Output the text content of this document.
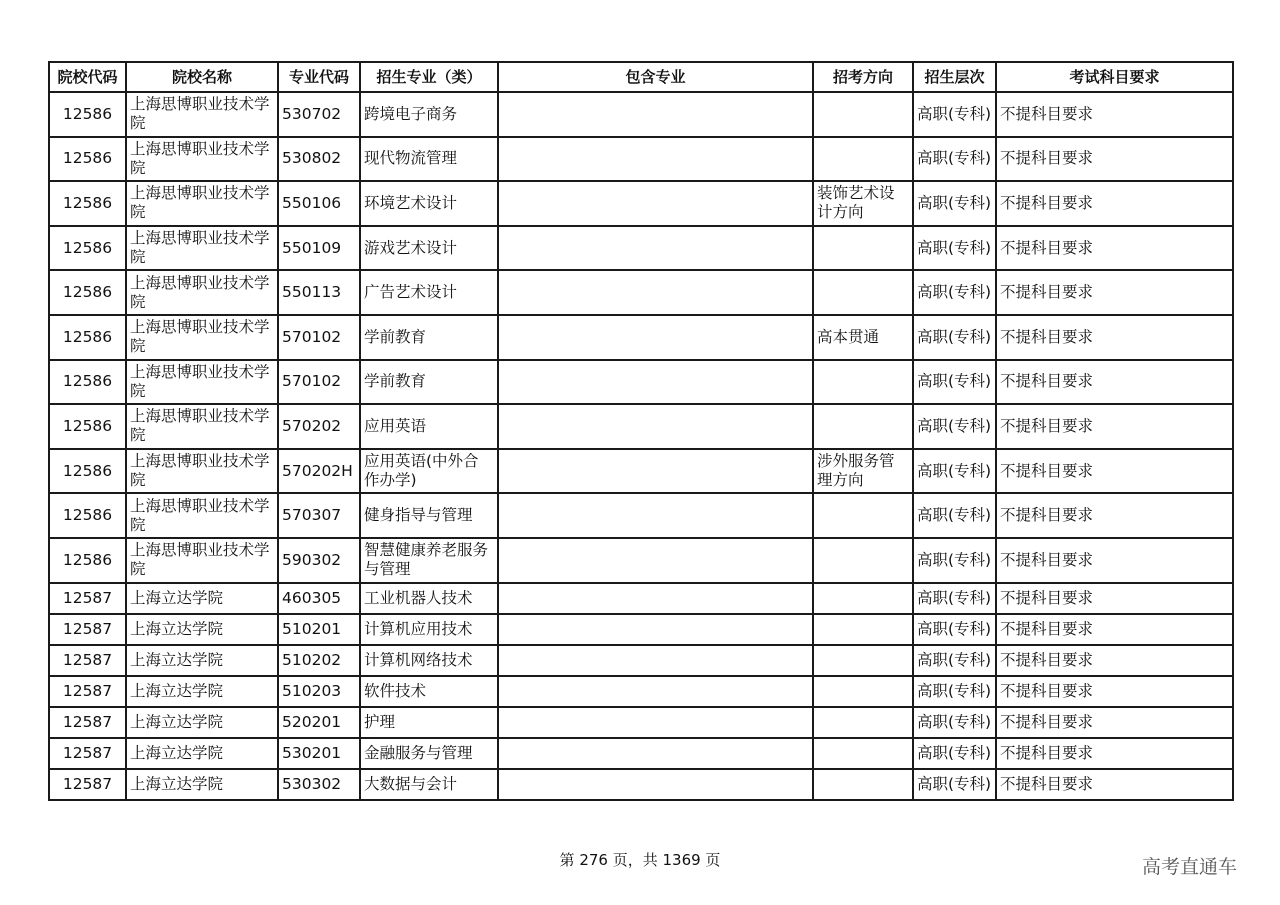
院校代码	院校名称	专业代码	招生专业（类）	包含专业	招考方向	招生层次	考试科目要求
12586	上海思博职业技术学院	530702	跨境电子商务			高职(专科)	不提科目要求
12586	上海思博职业技术学院	530802	现代物流管理			高职(专科)	不提科目要求
12586	上海思博职业技术学院	550106	环境艺术设计		装饰艺术设计方向	高职(专科)	不提科目要求
12586	上海思博职业技术学院	550109	游戏艺术设计			高职(专科)	不提科目要求
12586	上海思博职业技术学院	550113	广告艺术设计			高职(专科)	不提科目要求
12586	上海思博职业技术学院	570102	学前教育		高本贯通	高职(专科)	不提科目要求
12586	上海思博职业技术学院	570102	学前教育			高职(专科)	不提科目要求
12586	上海思博职业技术学院	570202	应用英语			高职(专科)	不提科目要求
12586	上海思博职业技术学院	570202H	应用英语(中外合作办学)		涉外服务管理方向	高职(专科)	不提科目要求
12586	上海思博职业技术学院	570307	健身指导与管理			高职(专科)	不提科目要求
12586	上海思博职业技术学院	590302	智慧健康养老服务与管理			高职(专科)	不提科目要求
12587	上海立达学院	460305	工业机器人技术			高职(专科)	不提科目要求
12587	上海立达学院	510201	计算机应用技术			高职(专科)	不提科目要求
12587	上海立达学院	510202	计算机网络技术			高职(专科)	不提科目要求
12587	上海立达学院	510203	软件技术			高职(专科)	不提科目要求
12587	上海立达学院	520201	护理			高职(专科)	不提科目要求
12587	上海立达学院	530201	金融服务与管理			高职(专科)	不提科目要求
12587	上海立达学院	530302	大数据与会计			高职(专科)	不提科目要求
第 276 页，共 1369 页	高考直通车
